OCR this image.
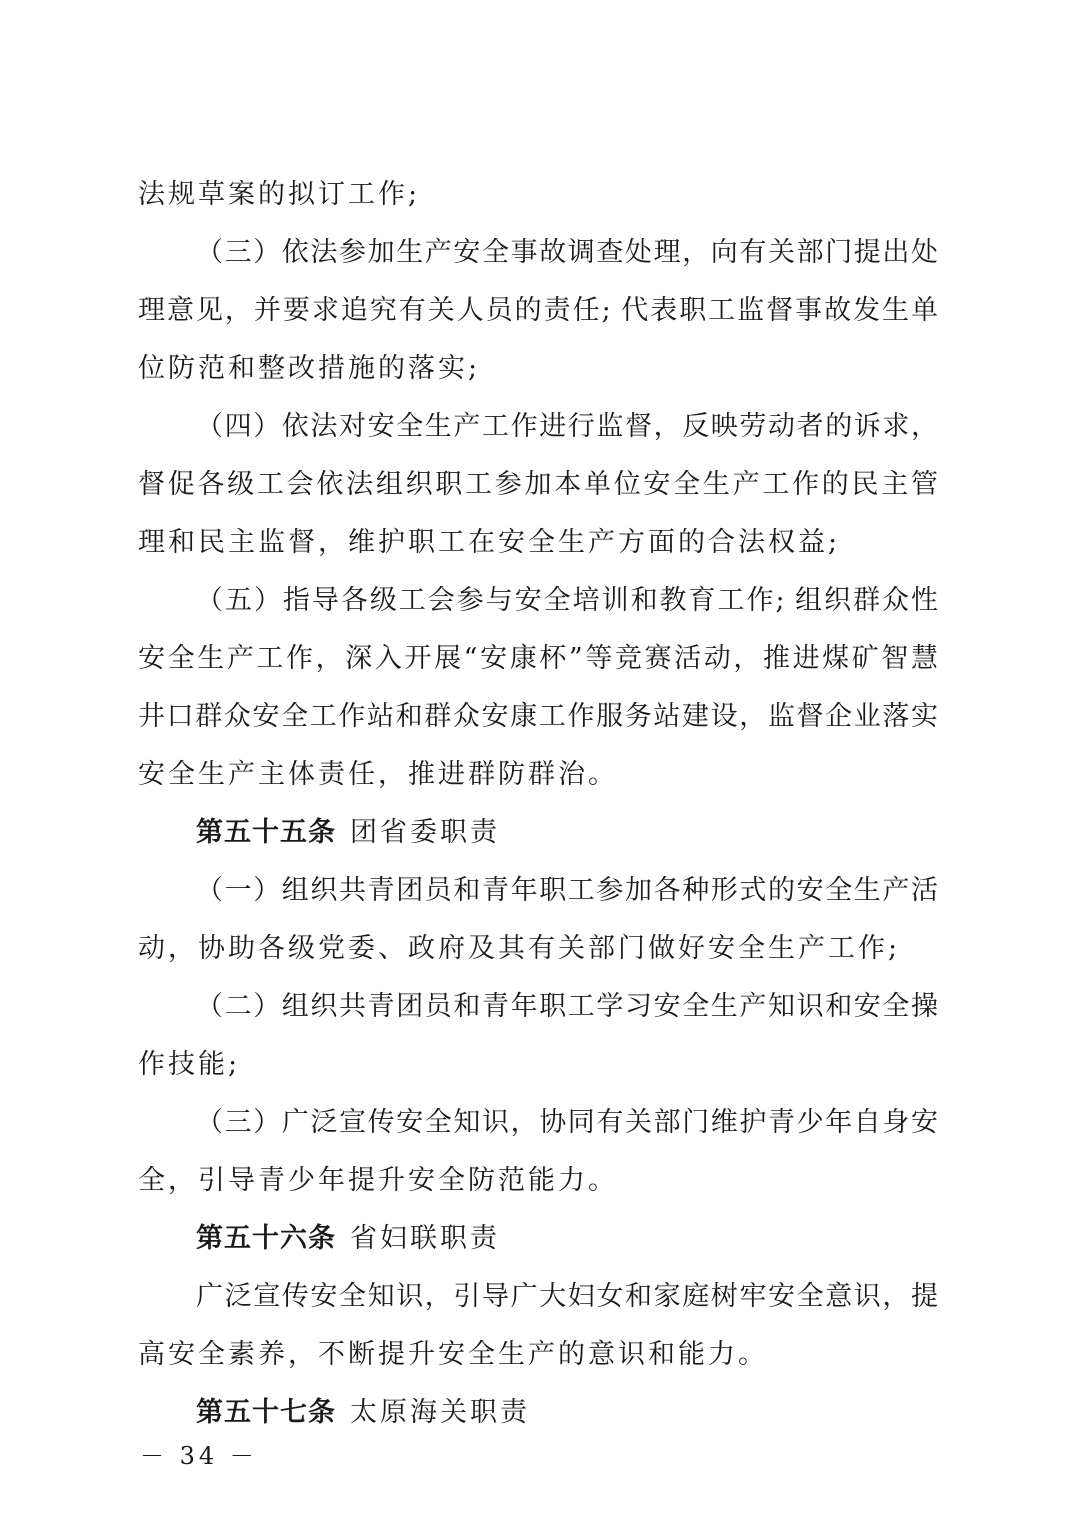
法规草案的拟订工作;
（三）依法参加生产安全事故调查处理，向有关部门提出处
理意见，并要求追究有关人员的责任; 代表职工监督事故发生单
位防范和整改措施的落实;
（四）依法对安全生产工作进行监督，反映劳动者的诉求，
督促各级工会依法组织职工参加本单位安全生产工作的民主管
理和民主监督，维护职工在安全生产方面的合法权益;
（五）指导各级工会参与安全培训和教育工作; 组织群众性
安全生产工作，深入开展“安康杯”等竞赛活动，推进煤矿智慧
井口群众安全工作站和群众安康工作服务站建设，监督企业落实
安全生产主体责任，推进群防群治。
第五十五条 团省委职责
（一）组织共青团员和青年职工参加各种形式的安全生产活
动，协助各级党委、政府及其有关部门做好安全生产工作;
（二）组织共青团员和青年职工学习安全生产知识和安全操
作技能;
（三）广泛宣传安全知识，协同有关部门维护青少年自身安
全，引导青少年提升安全防范能力。
第五十六条 省妇联职责
广泛宣传安全知识，引导广大妇女和家庭树牢安全意识，提
高安全素养，不断提升安全生产的意识和能力。
第五十七条 太原海关职责
－ 34 －
